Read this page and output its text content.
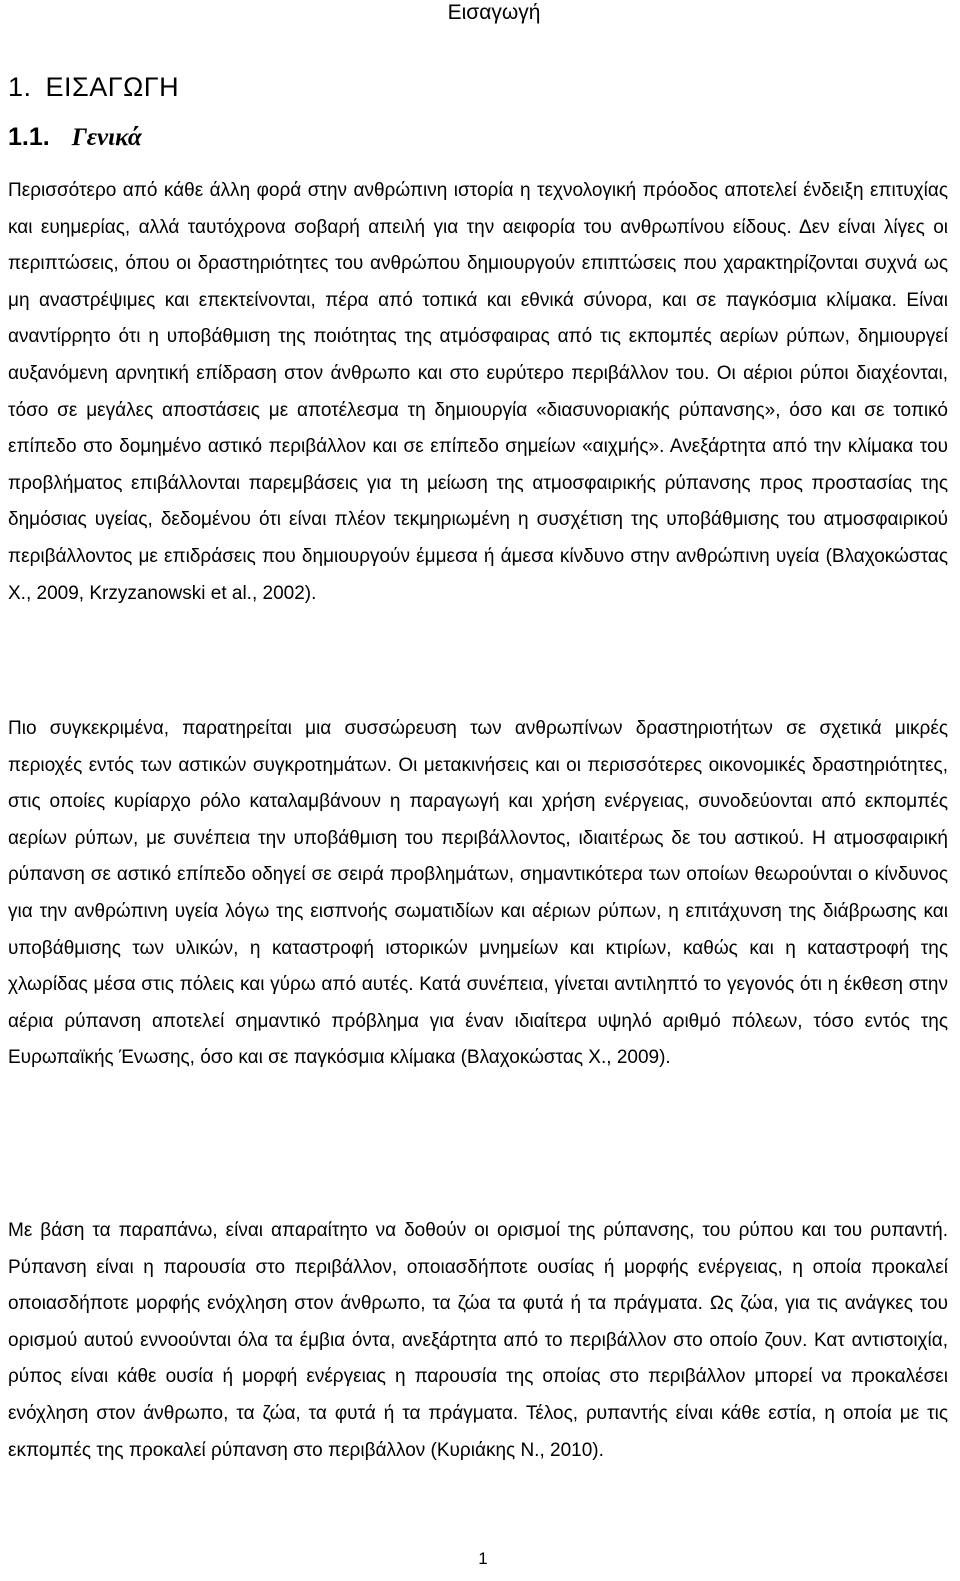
Εισαγωγή
1. ΕΙΣΑΓΩΓΗ
1.1. Γενικά

Περισσότερο από κάθε άλλη φορά στην ανθρώπινη ιστορία η τεχνολογική πρόοδος αποτελεί ένδειξη επιτυχίας και ευημερίας, αλλά ταυτόχρονα σοβαρή απειλή για την αειφορία του ανθρωπίνου είδους. Δεν είναι λίγες οι περιπτώσεις, όπου οι δραστηριότητες του ανθρώπου δημιουργούν επιπτώσεις που χαρακτηρίζονται συχνά ως μη αναστρέψιμες και επεκτείνονται, πέρα από τοπικά και εθνικά σύνορα, και σε παγκόσμια κλίμακα. Είναι αναντίρρητο ότι η υποβάθμιση της ποιότητας της ατμόσφαιρας από τις εκπομπές αερίων ρύπων, δημιουργεί αυξανόμενη αρνητική επίδραση στον άνθρωπο και στο ευρύτερο περιβάλλον του. Οι αέριοι ρύποι διαχέονται, τόσο σε μεγάλες αποστάσεις με αποτέλεσμα τη δημιουργία «διασυνοριακής ρύπανσης», όσο και σε τοπικό επίπεδο στο δομημένο αστικό περιβάλλον και σε επίπεδο σημείων «αιχμής». Ανεξάρτητα από την κλίμακα του προβλήματος επιβάλλονται παρεμβάσεις για τη μείωση της ατμοσφαιρικής ρύπανσης προς προστασίας της δημόσιας υγείας, δεδομένου ότι είναι πλέον τεκμηριωμένη η συσχέτιση της υποβάθμισης του ατμοσφαιρικού περιβάλλοντος με επιδράσεις που δημιουργούν έμμεσα ή άμεσα κίνδυνο στην ανθρώπινη υγεία (Βλαχοκώστας Χ., 2009, Krzyzanowski et al., 2002).

Πιο συγκεκριμένα, παρατηρείται μια συσσώρευση των ανθρωπίνων δραστηριοτήτων σε σχετικά μικρές περιοχές εντός των αστικών συγκροτημάτων. Οι μετακινήσεις και οι περισσότερες οικονομικές δραστηριότητες, στις οποίες κυρίαρχο ρόλο καταλαμβάνουν η παραγωγή και χρήση ενέργειας, συνοδεύονται από εκπομπές αερίων ρύπων, με συνέπεια την υποβάθμιση του περιβάλλοντος, ιδιαιτέρως δε του αστικού. Η ατμοσφαιρική ρύπανση σε αστικό επίπεδο οδηγεί σε σειρά προβλημάτων, σημαντικότερα των οποίων θεωρούνται ο κίνδυνος για την ανθρώπινη υγεία λόγω της εισπνοής σωματιδίων και αέριων ρύπων, η επιτάχυνση της διάβρωσης και υποβάθμισης των υλικών, η καταστροφή ιστορικών μνημείων και κτιρίων, καθώς και η καταστροφή της χλωρίδας μέσα στις πόλεις και γύρω από αυτές. Κατά συνέπεια, γίνεται αντιληπτό το γεγονός ότι η έκθεση στην αέρια ρύπανση αποτελεί σημαντικό πρόβλημα για έναν ιδιαίτερα υψηλό αριθμό πόλεων, τόσο εντός της Ευρωπαϊκής Ένωσης, όσο και σε παγκόσμια κλίμακα (Βλαχοκώστας Χ., 2009).

Με βάση τα παραπάνω, είναι απαραίτητο να δοθούν οι ορισμοί της ρύπανσης, του ρύπου και του ρυπαντή. Ρύπανση είναι η παρουσία στο περιβάλλον, οποιασδήποτε ουσίας ή μορφής ενέργειας, η οποία προκαλεί οποιασδήποτε μορφής ενόχληση στον άνθρωπο, τα ζώα τα φυτά ή τα πράγματα. Ως ζώα, για τις ανάγκες του ορισμού αυτού εννοούνται όλα τα έμβια όντα, ανεξάρτητα από το περιβάλλον στο οποίο ζουν. Κατ αντιστοιχία, ρύπος είναι κάθε ουσία ή μορφή ενέργειας η παρουσία της οποίας στο περιβάλλον μπορεί να προκαλέσει ενόχληση στον άνθρωπο, τα ζώα, τα φυτά ή τα πράγματα. Τέλος, ρυπαντής είναι κάθε εστία, η οποία με τις εκπομπές της προκαλεί ρύπανση στο περιβάλλον (Κυριάκης Ν., 2010).

1
